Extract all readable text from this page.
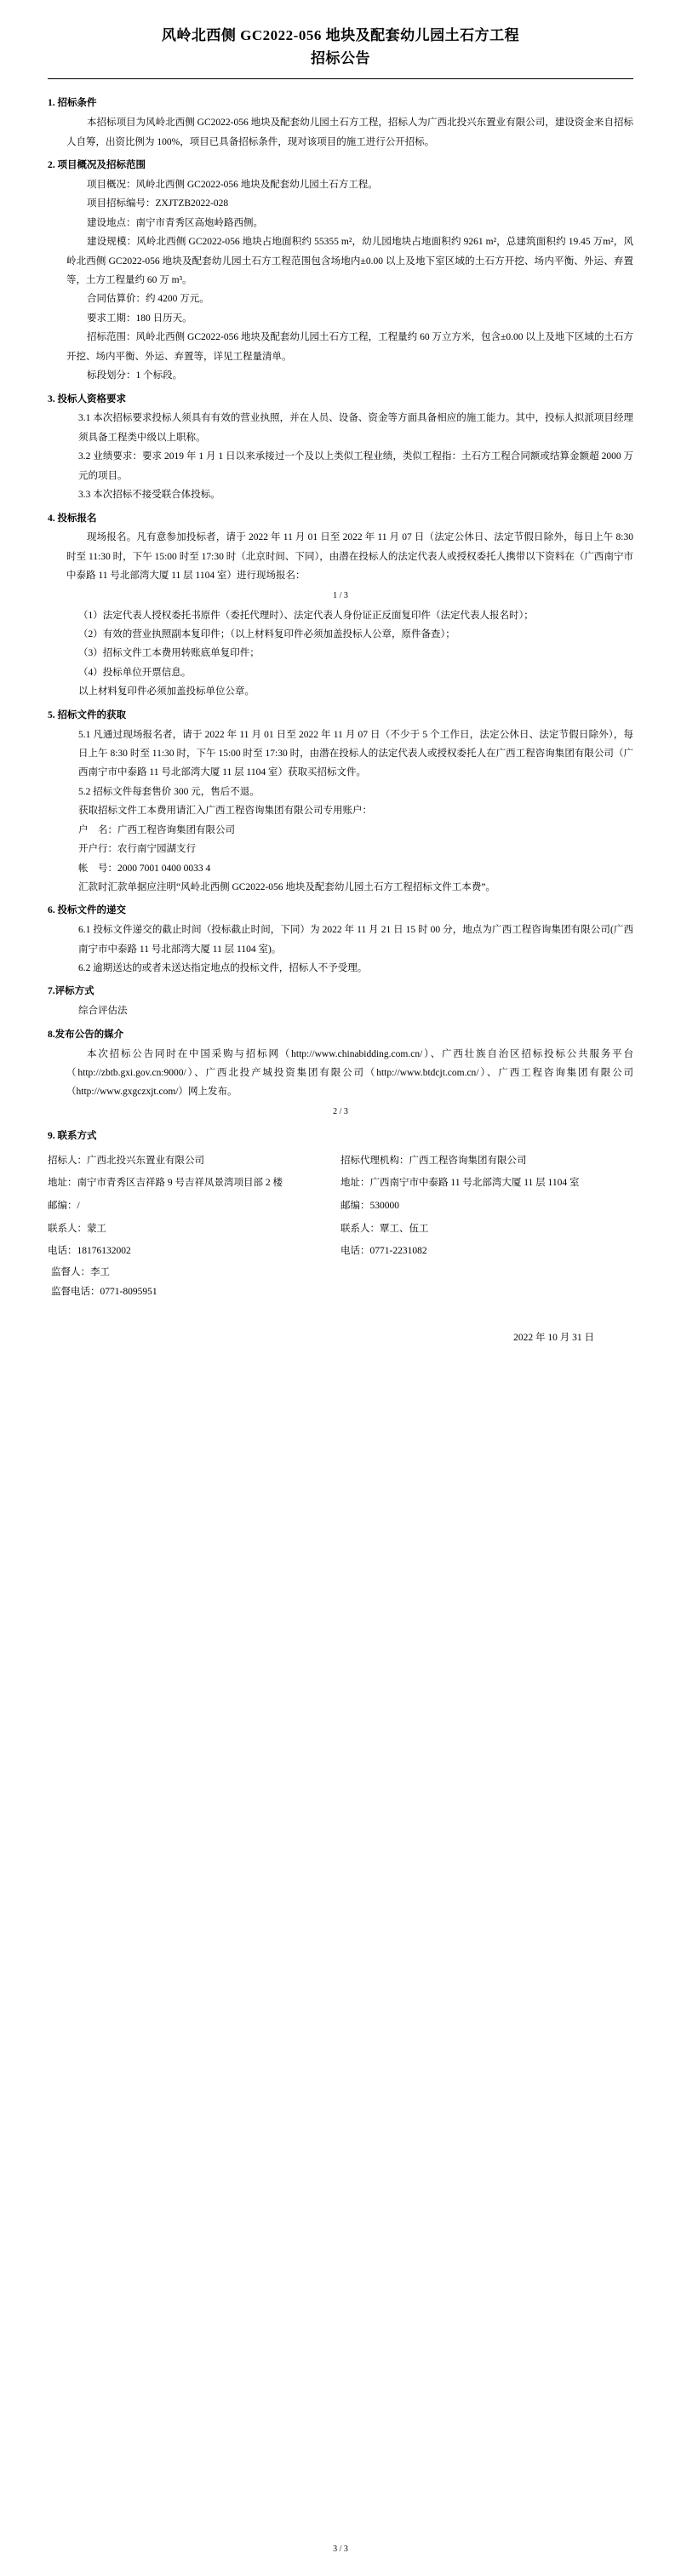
风岭北西侧 GC2022-056 地块及配套幼儿园土石方工程
招标公告
1. 招标条件

本招标项目为风岭北西侧 GC2022-056 地块及配套幼儿园土石方工程，招标人为广西北投兴东置业有限公司，建设资金来自招标人自筹，出资比例为 100%，项目已具备招标条件，现对该项目的施工进行公开招标。

2. 项目概况及招标范围

项目概况：风岭北西侧 GC2022-056 地块及配套幼儿园土石方工程。

项目招标编号：ZXJTZB2022-028

建设地点：南宁市青秀区高炮岭路西侧。

建设规模：风岭北西侧 GC2022-056 地块占地面积约 55355 m²，幼儿园地块占地面积约 9261 m²，总建筑面积约 19.45 万m²，风岭北西侧 GC2022-056 地块及配套幼儿园土石方工程范围包含场地内±0.00 以上及地下室区域的土石方开挖、场内平衡、外运、弃置等，土方工程量约 60 万 m³。

合同估算价：约 4200 万元。

要求工期：180 日历天。

招标范围：风岭北西侧 GC2022-056 地块及配套幼儿园土石方工程，工程量约 60 万立方米，包含±0.00 以上及地下区域的土石方开挖、场内平衡、外运、弃置等，详见工程量清单。

标段划分：1 个标段。

3. 投标人资格要求

3.1 本次招标要求投标人须具有有效的营业执照，并在人员、设备、资金等方面具备相应的施工能力。其中，投标人拟派项目经理须具备工程类中级以上职称。

3.2 业绩要求：要求 2019 年 1 月 1 日以来承接过一个及以上类似工程业绩，类似工程指：土石方工程合同额或结算金额超 2000 万元的项目。

3.3 本次招标不接受联合体投标。

4. 投标报名

现场报名。凡有意参加投标者，请于 2022 年 11 月 01 日至 2022 年 11 月 07 日（法定公休日、法定节假日除外，每日上午 8:30 时至 11:30 时，下午 15:00 时至 17:30 时（北京时间、下同），由潜在投标人的法定代表人或授权委托人携带以下资料在（广西南宁市中泰路 11 号北部湾大厦 11 层 1104 室）进行现场报名：

1 / 3

（1）法定代表人授权委托书原件（委托代理时）、法定代表人身份证正反面复印件（法定代表人报名时）；

（2）有效的营业执照副本复印件；（以上材料复印件必须加盖投标人公章，原件备查）；

（3）招标文件工本费用转账底单复印件；

（4）投标单位开票信息。

以上材料复印件必须加盖投标单位公章。

5. 招标文件的获取

5.1 凡通过现场报名者，请于 2022 年 11 月 01 日至 2022 年 11 月 07 日（不少于 5 个工作日，法定公休日、法定节假日除外），每日上午 8:30 时至 11:30 时，下午 15:00 时至 17:30 时，由潜在投标人的法定代表人或授权委托人在广西工程咨询集团有限公司（广西南宁市中泰路 11 号北部湾大厦 11 层 1104 室）获取买招标文件。

5.2 招标文件每套售价 300 元，售后不退。

获取招标文件工本费用请汇入广西工程咨询集团有限公司专用账户：

户　名：广西工程咨询集团有限公司

开户行：农行南宁园湖支行

帐　号：2000 7001 0400 0033 4

汇款时汇款单据应注明“风岭北西侧 GC2022-056 地块及配套幼儿园土石方工程招标文件工本费”。

6. 投标文件的递交

6.1 投标文件递交的截止时间（投标截止时间，下同）为 2022 年 11 月 21 日 15 时 00 分，地点为广西工程咨询集团有限公司(广西南宁市中泰路 11 号北部湾大厦 11 层 1104 室)。

6.2 逾期送达的或者未送达指定地点的投标文件，招标人不予受理。

7.评标方式

综合评估法

8.发布公告的媒介

本次招标公告同时在中国采购与招标网（http://www.chinabidding.com.cn/）、广西壮族自治区招标投标公共服务平台（http://zbtb.gxi.gov.cn:9000/）、广西北投产城投资集团有限公司（http://www.btdcjt.com.cn/）、广西工程咨询集团有限公司（http://www.gxgczxjt.com/）网上发布。

2 / 3
9. 联系方式
招标人：广西北投兴东置业有限公司	招标代理机构：广西工程咨询集团有限公司
地址：南宁市青秀区吉祥路 9 号吉祥凤景湾项目部 2 楼	地址：广西南宁市中泰路 11 号北部湾大厦 11 层 1104 室
邮编：/	邮编：530000
联系人：蒙工	联系人：覃工、伍工
电话：18176132002	电话：0771-2231082
监督人：李工
监督电话：0771-8095951
2022 年 10 月 31 日
3 / 3
